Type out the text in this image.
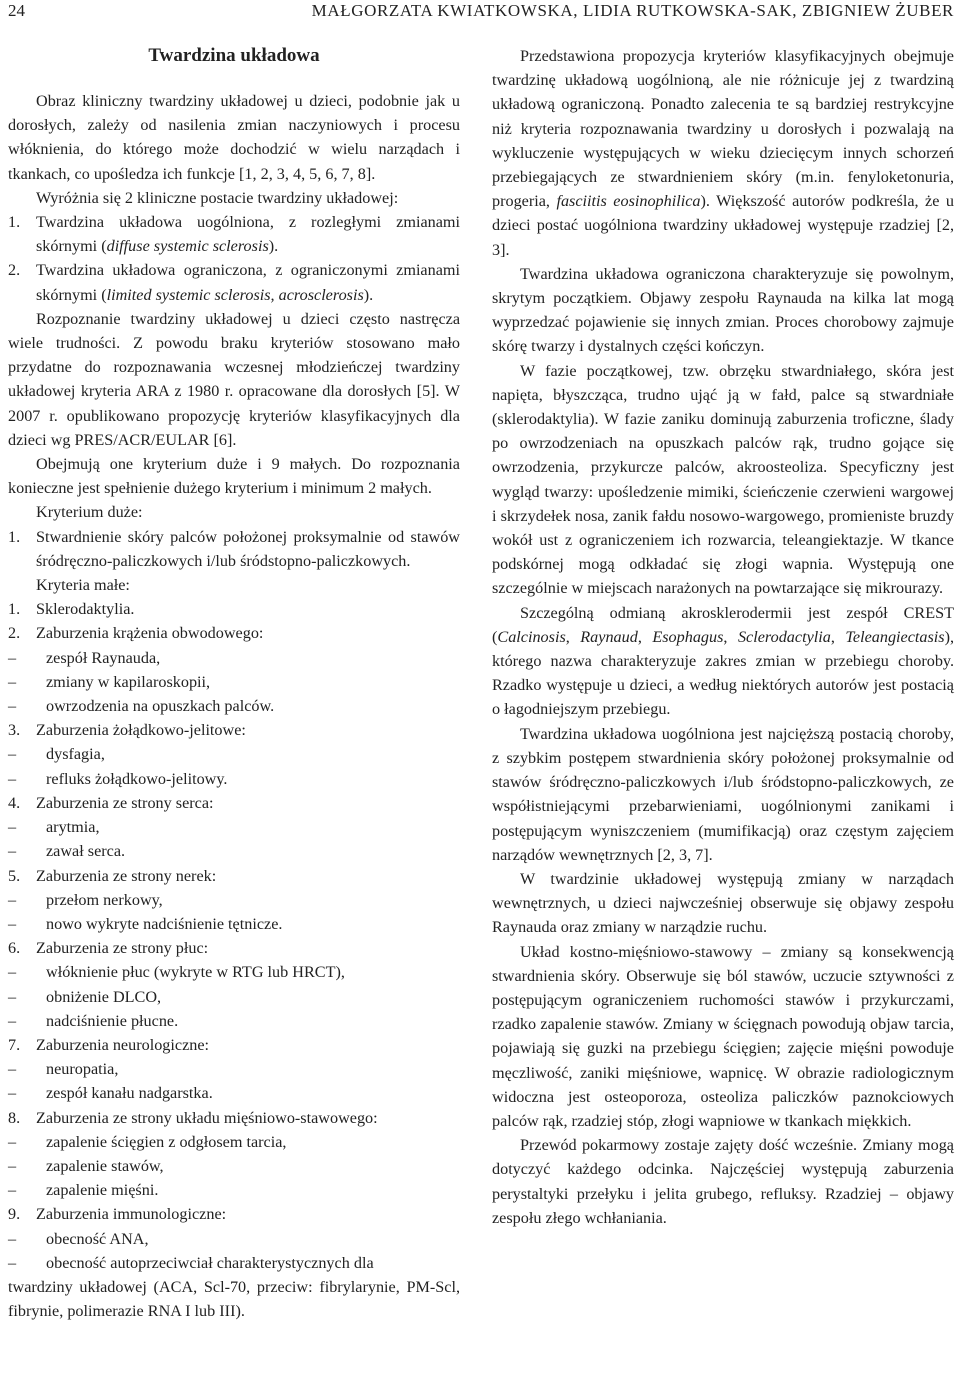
24	MAŁGORZATA KWIATKOWSKA, LIDIA RUTKOWSKA-SAK, ZBIGNIEW ŻUBER
Twardzina układowa

Obraz kliniczny twardziny układowej u dzieci, podobnie jak u dorosłych, zależy od nasilenia zmian naczyniowych i procesu włóknienia, do którego może dochodzić w wielu narządach i tkankach, co upośledza ich funkcje [1, 2, 3, 4, 5, 6, 7, 8].

Wyróżnia się 2 kliniczne postacie twardziny układowej:

1. Twardzina układowa uogólniona, z rozległymi zmianami skórnymi (diffuse systemic sclerosis).
2. Twardzina układowa ograniczona, z ograniczonymi zmianami skórnymi (limited systemic sclerosis, acrosclerosis).

Rozpoznanie twardziny układowej u dzieci często nastręcza wiele trudności. Z powodu braku kryteriów stosowano mało przydatne do rozpoznawania wczesnej młodzieńczej twardziny układowej kryteria ARA z 1980 r. opracowane dla dorosłych [5]. W 2007 r. opublikowano propozycję kryteriów klasyfikacyjnych dla dzieci wg PRES/ACR/EULAR [6].

Obejmują one kryterium duże i 9 małych. Do rozpoznania konieczne jest spełnienie dużego kryterium i minimum 2 małych.

Kryterium duże:

1. Stwardnienie skóry palców położonej proksymalnie od stawów śródręczno-paliczkowych i/lub śródstopno-paliczkowych.

Kryteria małe:

1. Sklerodaktylia.
2. Zaburzenia krążenia obwodowego:
–	zespół Raynauda,
–	zmiany w kapilaroskopii,
–	owrzodzenia na opuszkach palców.
3. Zaburzenia żołądkowo-jelitowe:
–	dysfagia,
–	refluks żołądkowo-jelitowy.
4. Zaburzenia ze strony serca:
–	arytmia,
–	zawał serca.
5. Zaburzenia ze strony nerek:
–	przełom nerkowy,
–	nowo wykryte nadciśnienie tętnicze.
6. Zaburzenia ze strony płuc:
–	włóknienie płuc (wykryte w RTG lub HRCT),
–	obniżenie DLCO,
–	nadciśnienie płucne.
7. Zaburzenia neurologiczne:
–	neuropatia,
–	zespół kanału nadgarstka.
8. Zaburzenia ze strony układu mięśniowo-stawowego:
–	zapalenie ścięgien z odgłosem tarcia,
–	zapalenie stawów,
–	zapalenie mięśni.
9. Zaburzenia immunologiczne:
–	obecność ANA,
–	obecność autoprzeciwciał charakterystycznych dla

twardziny układowej (ACA, Scl-70, przeciw: fibrylarynie, PM-Scl, fibrynie, polimerazie RNA I lub III).

Przedstawiona propozycja kryteriów klasyfikacyjnych obejmuje twardzinę układową uogólnioną, ale nie różnicuje jej z twardziną układową ograniczoną. Ponadto zalecenia te są bardziej restrykcyjne niż kryteria rozpoznawania twardziny u dorosłych i pozwalają na wykluczenie występujących w wieku dziecięcym innych schorzeń przebiegających ze stwardnieniem skóry (m.in. fenyloketonuria, progeria, fasciitis eosinophilica). Większość autorów podkreśla, że u dzieci postać uogólniona twardziny układowej występuje rzadziej [2, 3].

Twardzina układowa ograniczona charakteryzuje się powolnym, skrytym początkiem. Objawy zespołu Raynauda na kilka lat mogą wyprzedzać pojawienie się innych zmian. Proces chorobowy zajmuje skórę twarzy i dystalnych części kończyn.

W fazie początkowej, tzw. obrzęku stwardniałego, skóra jest napięta, błyszcząca, trudno ująć ją w fałd, palce są stwardniałe (sklerodaktylia). W fazie zaniku dominują zaburzenia troficzne, ślady po owrzodzeniach na opuszkach palców rąk, trudno gojące się owrzodzenia, przykurcze palców, akroosteoliza. Specyficzny jest wygląd twarzy: upośledzenie mimiki, ścieńczenie czerwieni wargowej i skrzydełek nosa, zanik fałdu nosowo-wargowego, promieniste bruzdy wokół ust z ograniczeniem ich rozwarcia, teleangiektazje. W tkance podskórnej mogą odkładać się złogi wapnia. Występują one szczególnie w miejscach narażonych na powtarzające się mikrourazy.

Szczególną odmianą akrosklerodermii jest zespół CREST (Calcinosis, Raynaud, Esophagus, Sclerodactylia, Teleangiectasis), którego nazwa charakteryzuje zakres zmian w przebiegu choroby. Rzadko występuje u dzieci, a według niektórych autorów jest postacią o łagodniejszym przebiegu.

Twardzina układowa uogólniona jest najcięższą postacią choroby, z szybkim postępem stwardnienia skóry położonej proksymalnie od stawów śródręczno-paliczkowych i/lub śródstopno-paliczkowych, ze współistniejącymi przebarwieniami, uogólnionymi zanikami i postępującym wyniszczeniem (mumifikacją) oraz częstym zajęciem narządów wewnętrznych [2, 3, 7].

W twardzinie układowej występują zmiany w narządach wewnętrznych, u dzieci najwcześniej obserwuje się objawy zespołu Raynauda oraz zmiany w narządzie ruchu.

Układ kostno-mięśniowo-stawowy – zmiany są konsekwencją stwardnienia skóry. Obserwuje się ból stawów, uczucie sztywności z postępującym ograniczeniem ruchomości stawów i przykurczami, rzadko zapalenie stawów. Zmiany w ścięgnach powodują objaw tarcia, pojawiają się guzki na przebiegu ścięgien; zajęcie mięśni powoduje męczliwość, zaniki mięśniowe, wapnicę. W obrazie radiologicznym widoczna jest osteoporoza, osteoliza paliczków paznokciowych palców rąk, rzadziej stóp, złogi wapniowe w tkankach miękkich.

Przewód pokarmowy zostaje zajęty dość wcześnie. Zmiany mogą dotyczyć każdego odcinka. Najczęściej występują zaburzenia perystaltyki przełyku i jelita grubego, refluksy. Rzadziej – objawy zespołu złego wchłaniania.
